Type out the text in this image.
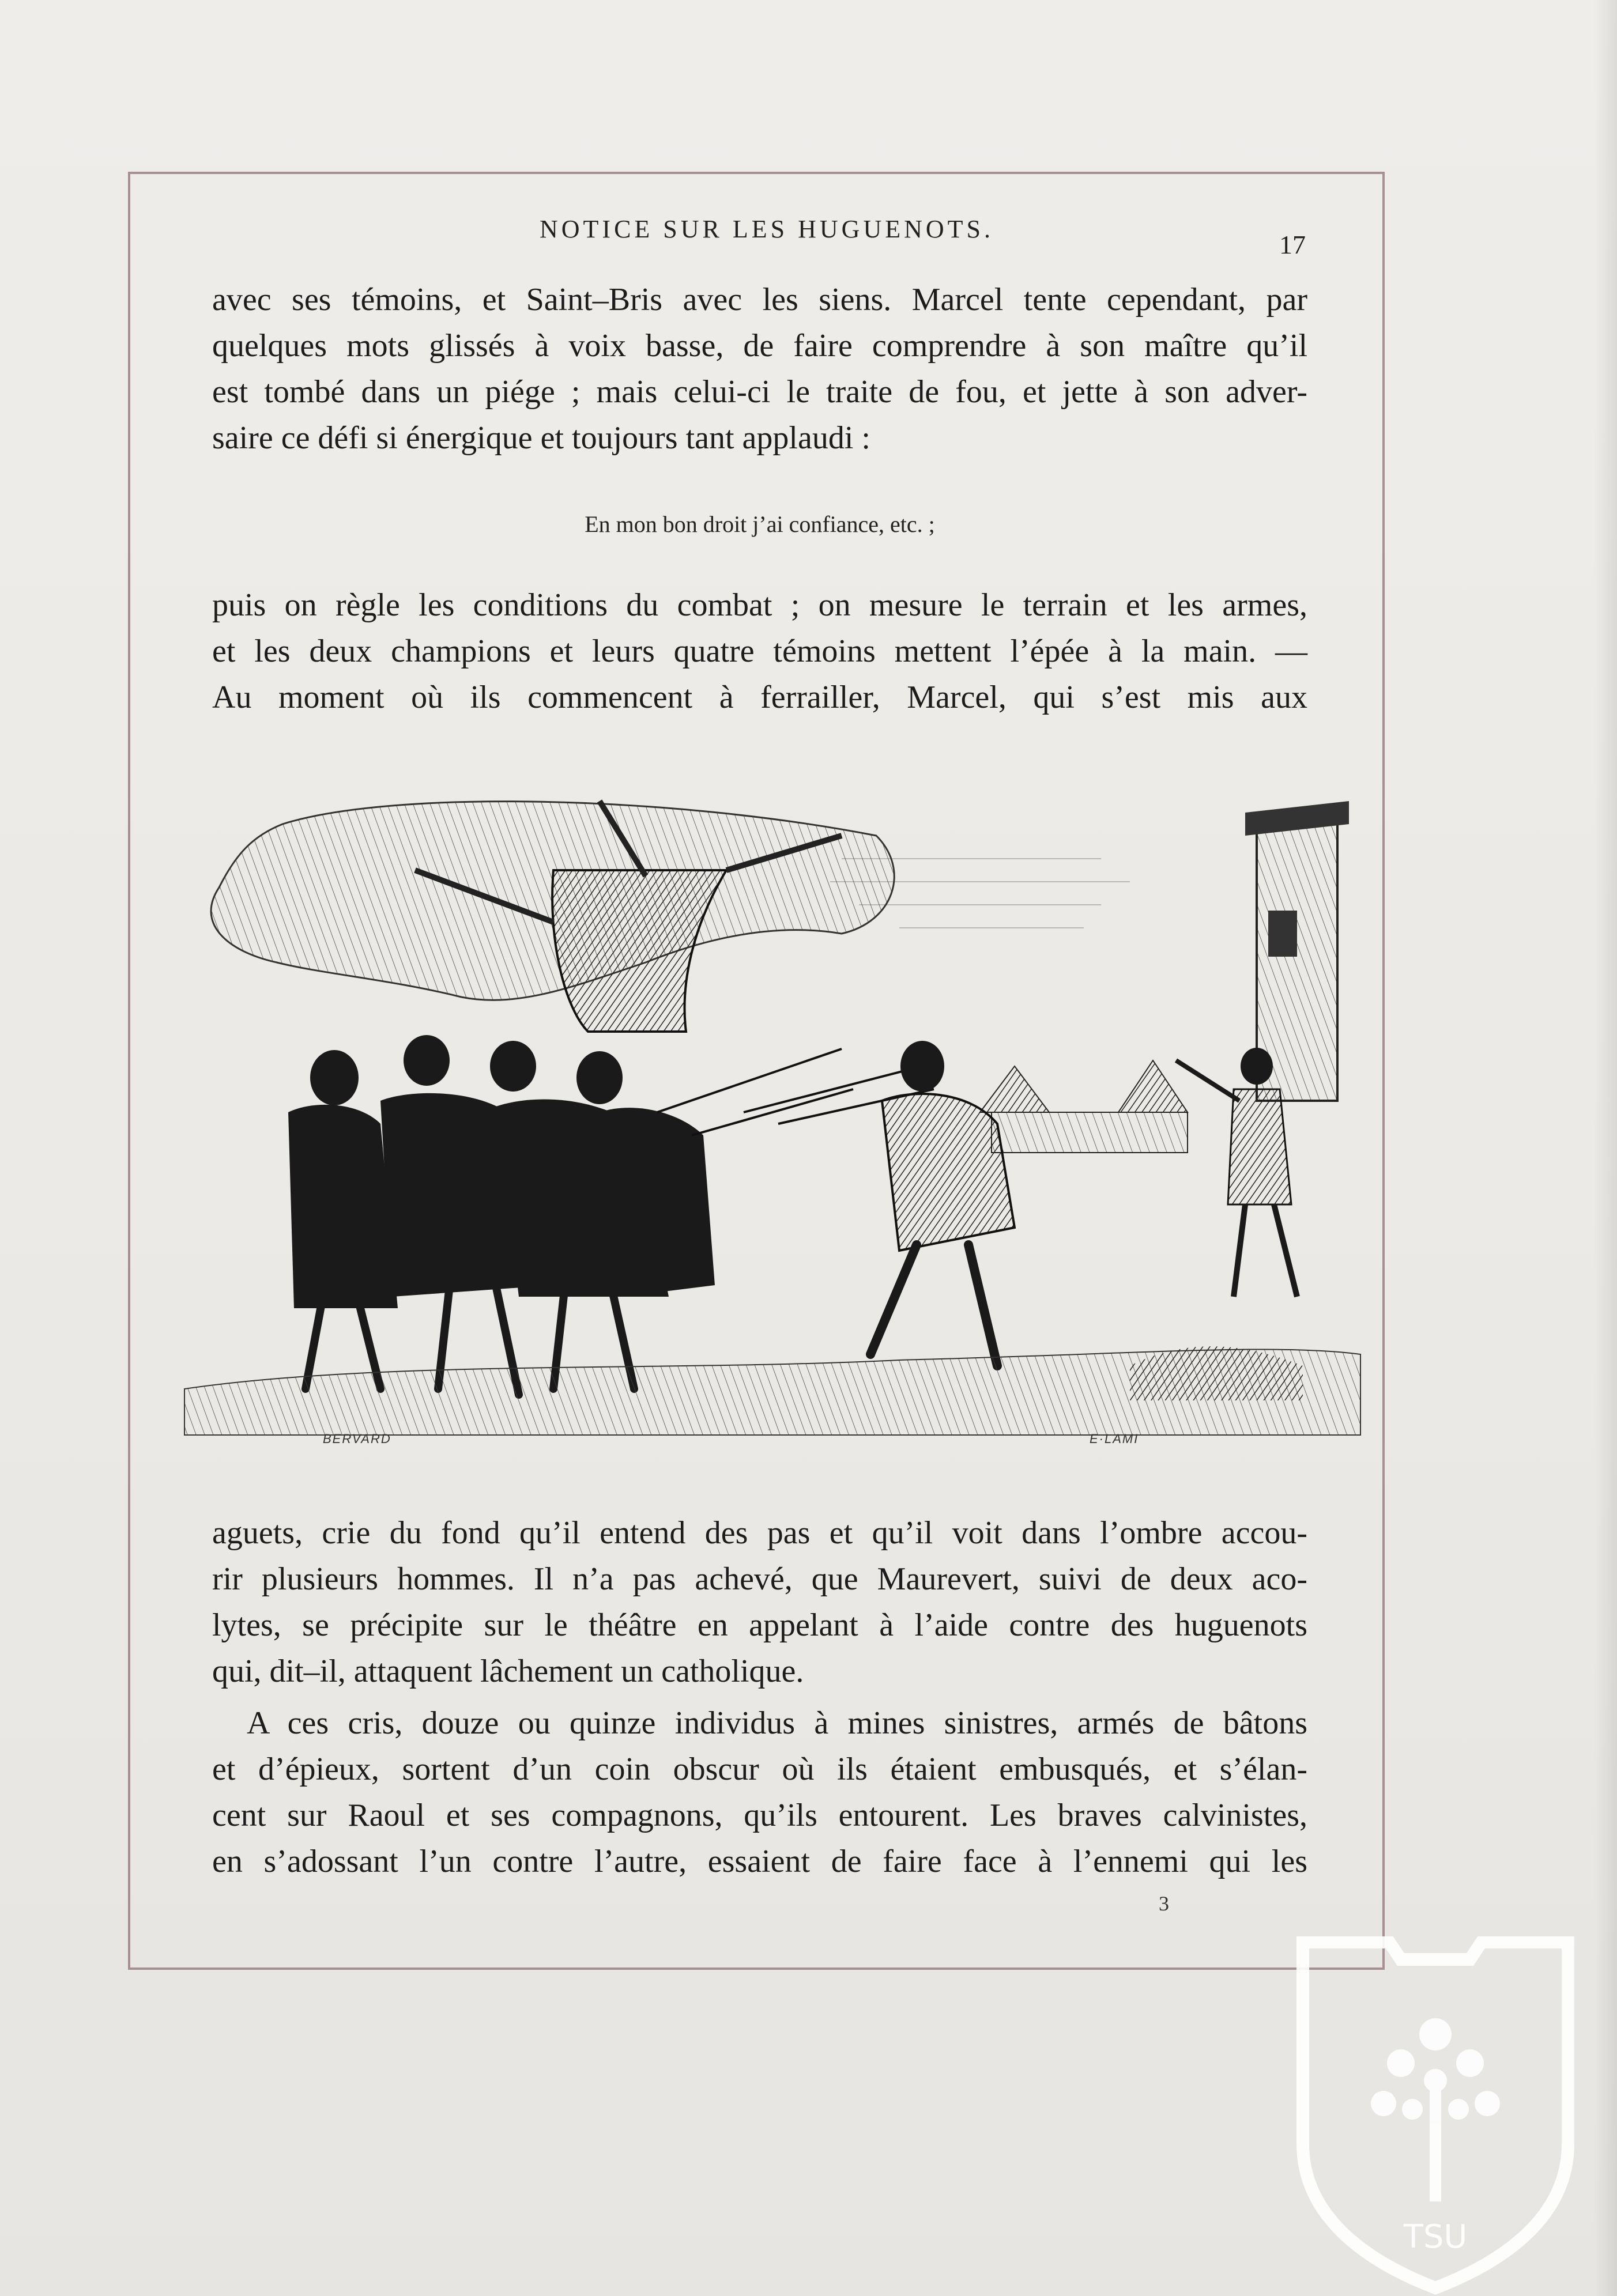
NOTICE SUR LES HUGUENOTS.
17
avec ses témoins, et Saint–Bris avec les siens. Marcel tente cependant, par
quelques mots glissés à voix basse, de faire comprendre à son maître qu’il
est tombé dans un piége ; mais celui-ci le traite de fou, et jette à son adver-
saire ce défi si énergique et toujours tant applaudi :
En mon bon droit j’ai confiance, etc. ;
puis on règle les conditions du combat ; on mesure le terrain et les armes,
et les deux champions et leurs quatre témoins mettent l’épée à la main. —
Au moment où ils commencent à ferrailler, Marcel, qui s’est mis aux
BERVARD	E·LAMI
aguets, crie du fond qu’il entend des pas et qu’il voit dans l’ombre accou-
rir plusieurs hommes. Il n’a pas achevé, que Maurevert, suivi de deux aco-
lytes, se précipite sur le théâtre en appelant à l’aide contre des huguenots
qui, dit–il, attaquent lâchement un catholique.
A ces cris, douze ou quinze individus à mines sinistres, armés de bâtons
et d’épieux, sortent d’un coin obscur où ils étaient embusqués, et s’élan-
cent sur Raoul et ses compagnons, qu’ils entourent. Les braves calvinistes,
en s’adossant l’un contre l’autre, essaient de faire face à l’ennemi qui les
3
TSU
